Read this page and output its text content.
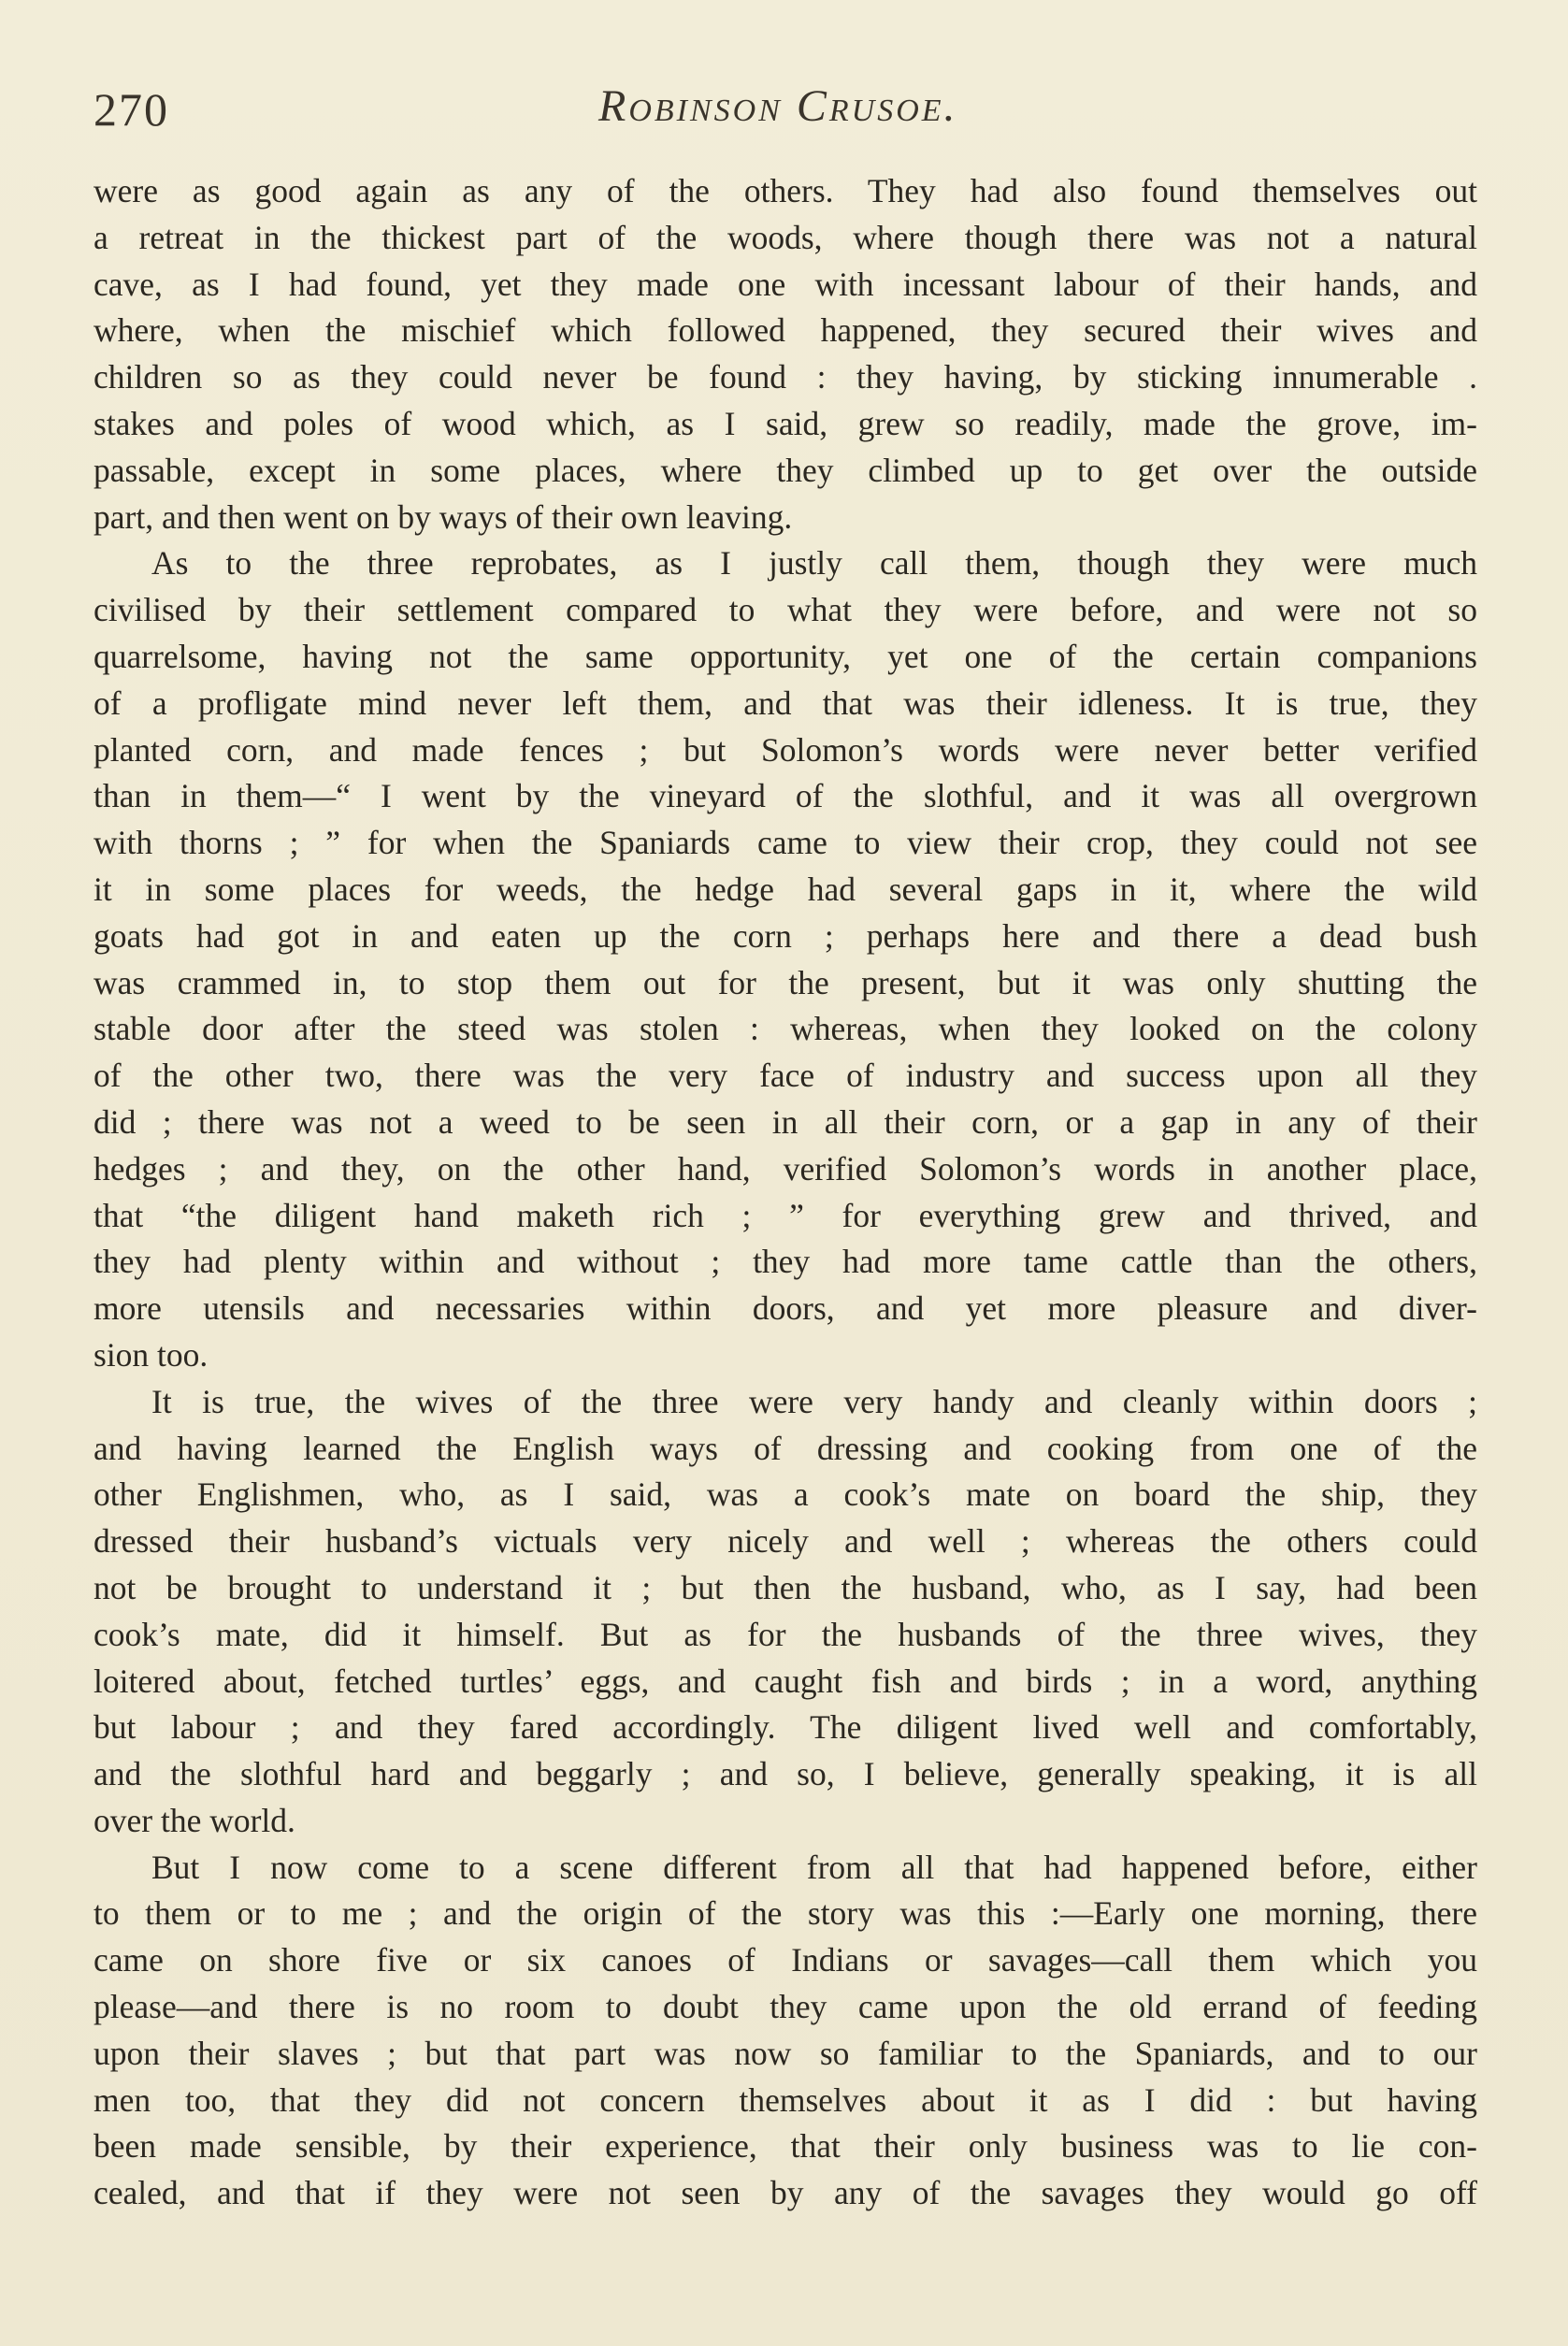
270	Robinson Crusoe.
were as good again as any of the others. They had also found themselves out
a retreat in the thickest part of the woods, where though there was not a natural
cave, as I had found, yet they made one with incessant labour of their hands, and
where, when the mischief which followed happened, they secured their wives and
children so as they could never be found : they having, by sticking innumerable .
stakes and poles of wood which, as I said, grew so readily, made the grove, im-
passable, except in some places, where they climbed up to get over the outside
part, and then went on by ways of their own leaving.
As to the three reprobates, as I justly call them, though they were much
civilised by their settlement compared to what they were before, and were not so
quarrelsome, having not the same opportunity, yet one of the certain companions
of a profligate mind never left them, and that was their idleness. It is true, they
planted corn, and made fences ; but Solomon’s words were never better verified
than in them—“ I went by the vineyard of the slothful, and it was all overgrown
with thorns ; ” for when the Spaniards came to view their crop, they could not see
it in some places for weeds, the hedge had several gaps in it, where the wild
goats had got in and eaten up the corn ; perhaps here and there a dead bush
was crammed in, to stop them out for the present, but it was only shutting the
stable door after the steed was stolen : whereas, when they looked on the colony
of the other two, there was the very face of industry and success upon all they
did ; there was not a weed to be seen in all their corn, or a gap in any of their
hedges ; and they, on the other hand, verified Solomon’s words in another place,
that “the diligent hand maketh rich ; ” for everything grew and thrived, and
they had plenty within and without ; they had more tame cattle than the others,
more utensils and necessaries within doors, and yet more pleasure and diver-
sion too.
It is true, the wives of the three were very handy and cleanly within doors ;
and having learned the English ways of dressing and cooking from one of the
other Englishmen, who, as I said, was a cook’s mate on board the ship, they
dressed their husband’s victuals very nicely and well ; whereas the others could
not be brought to understand it ; but then the husband, who, as I say, had been
cook’s mate, did it himself. But as for the husbands of the three wives, they
loitered about, fetched turtles’ eggs, and caught fish and birds ; in a word, anything
but labour ; and they fared accordingly. The diligent lived well and comfortably,
and the slothful hard and beggarly ; and so, I believe, generally speaking, it is all
over the world.
But I now come to a scene different from all that had happened before, either
to them or to me ; and the origin of the story was this :—Early one morning, there
came on shore five or six canoes of Indians or savages—call them which you
please—and there is no room to doubt they came upon the old errand of feeding
upon their slaves ; but that part was now so familiar to the Spaniards, and to our
men too, that they did not concern themselves about it as I did : but having
been made sensible, by their experience, that their only business was to lie con-
cealed, and that if they were not seen by any of the savages they would go off
